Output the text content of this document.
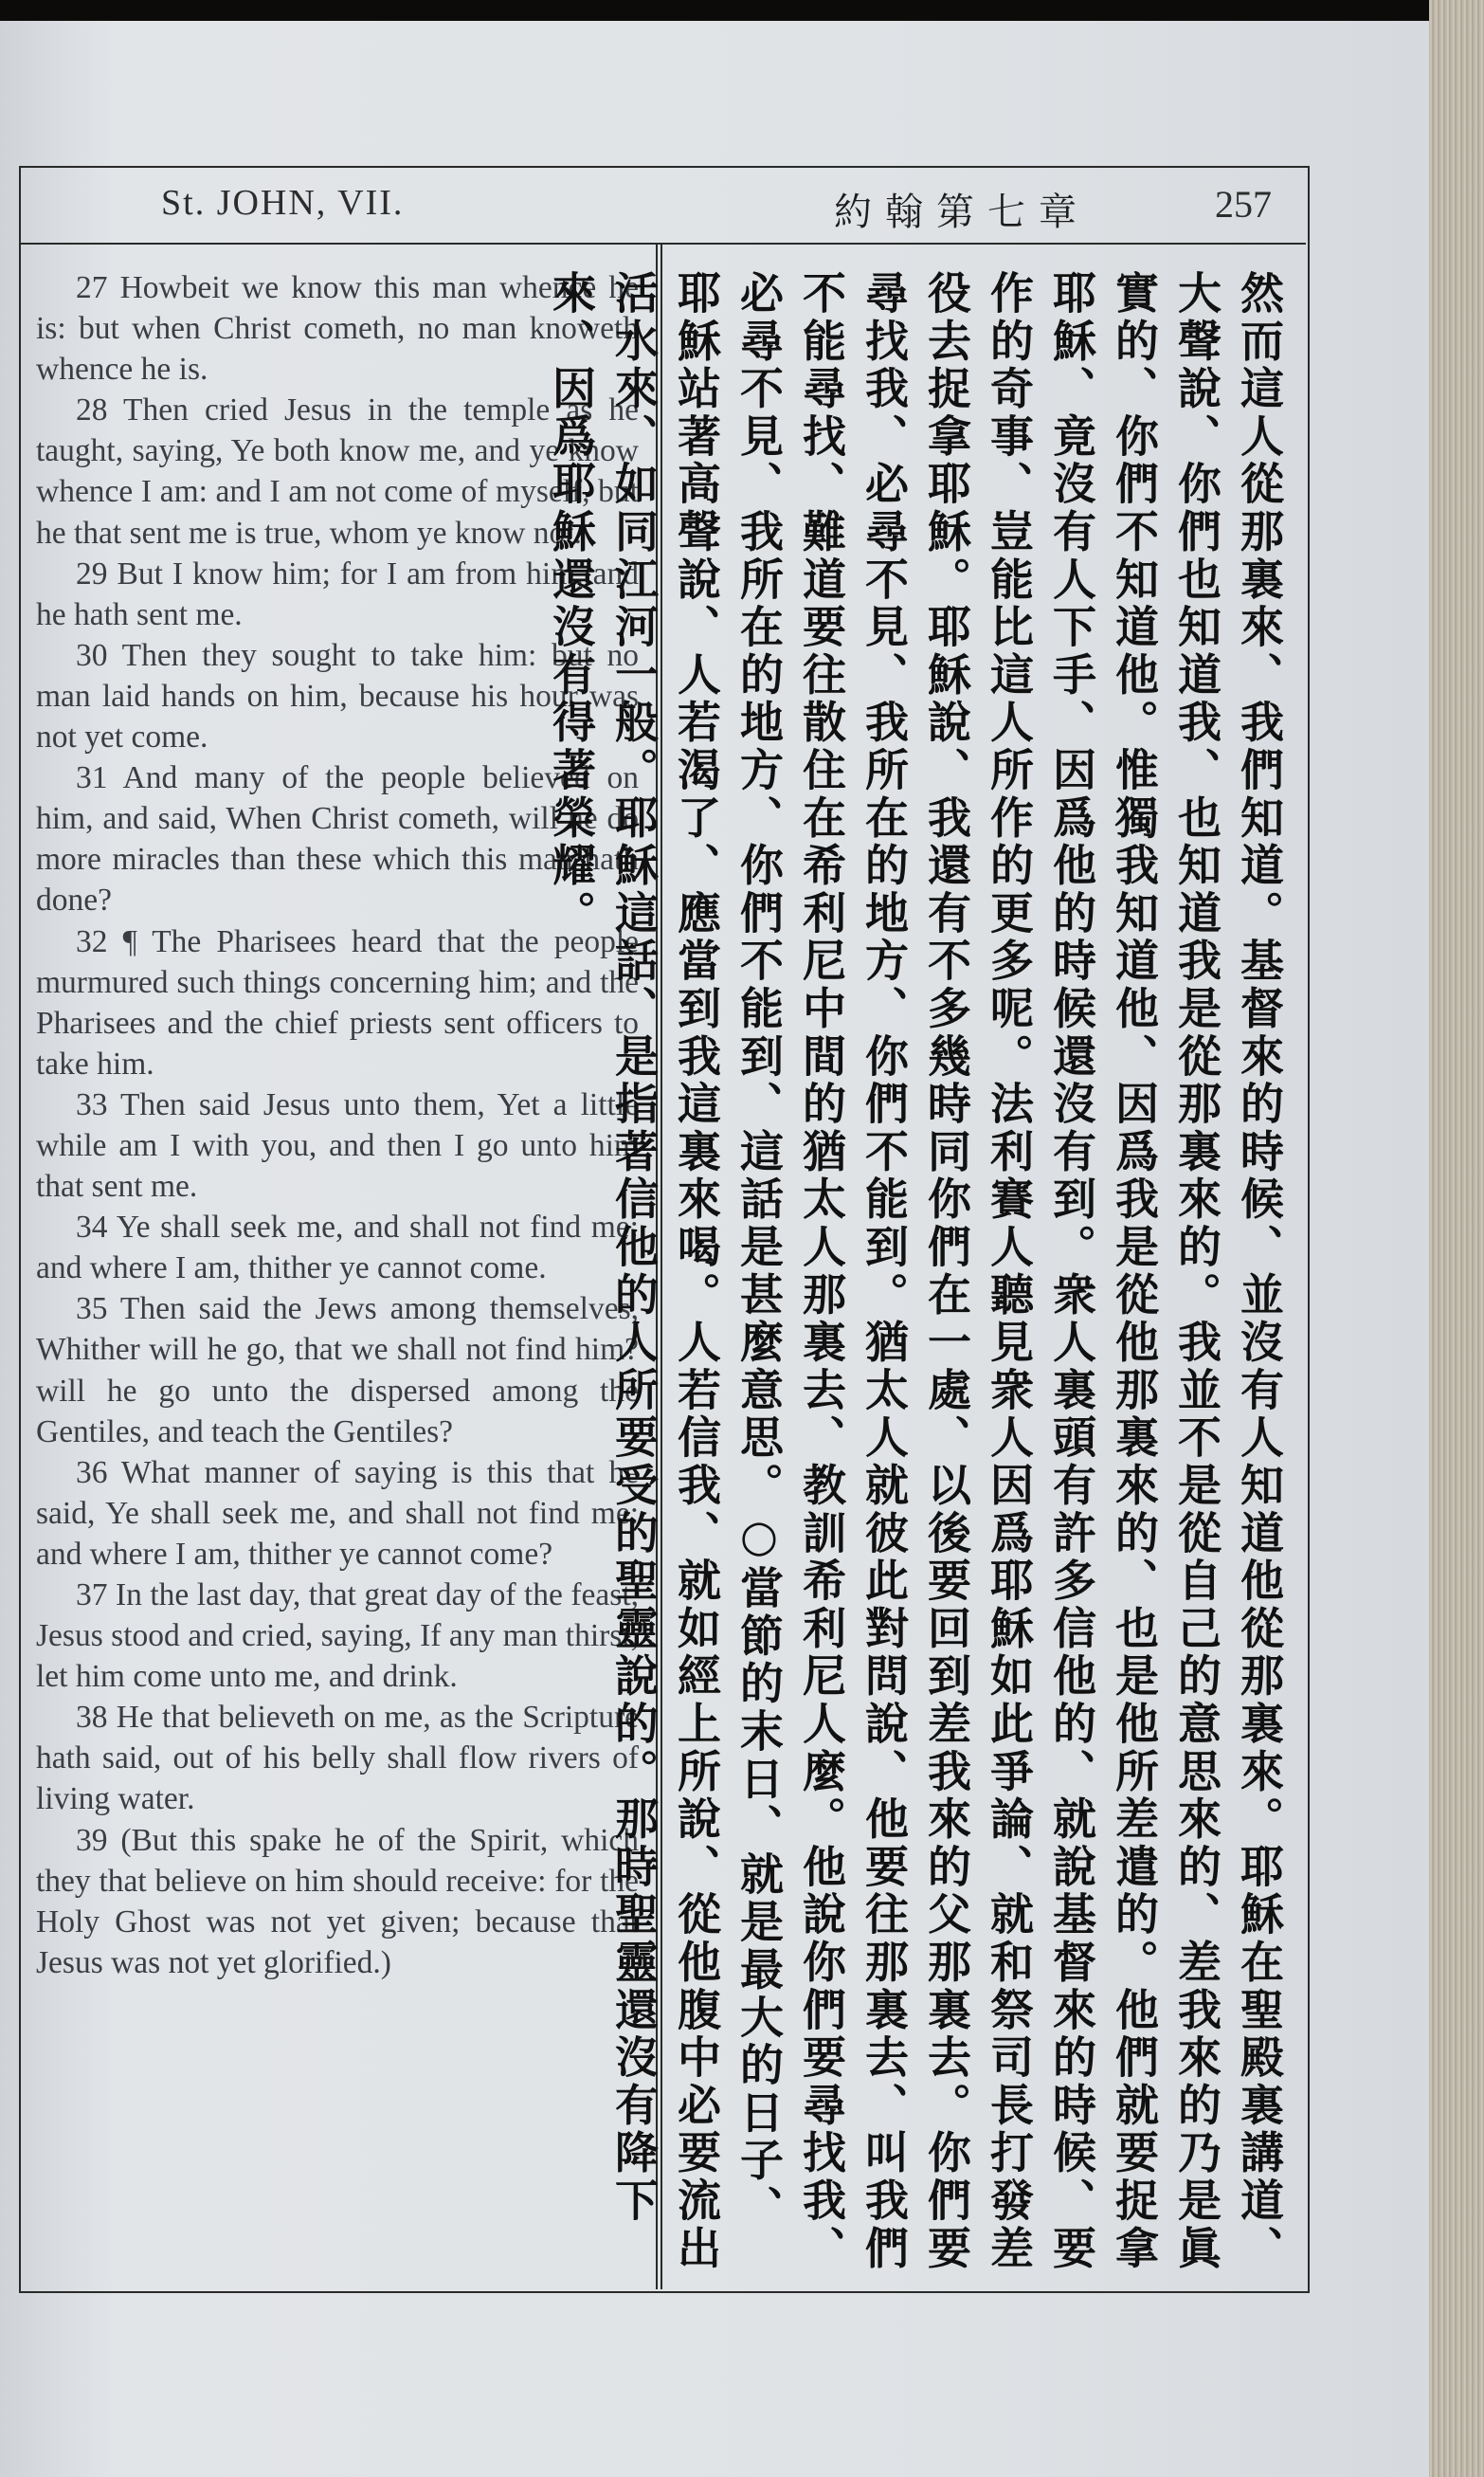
St. JOHN, VII.	約翰第七章	257

27 Howbeit we know this man whence he is: but when Christ cometh, no man knoweth whence he is.

28 Then cried Jesus in the temple as he taught, saying, Ye both know me, and ye know whence I am: and I am not come of myself, but he that sent me is true, whom ye know not.

29 But I know him; for I am from him, and he hath sent me.

30 Then they sought to take him: but no man laid hands on him, because his hour was not yet come.

31 And many of the people believed on him, and said, When Christ cometh, will he do more miracles than these which this man hath done?

32 ¶ The Pharisees heard that the people murmured such things concerning him; and the Pharisees and the chief priests sent officers to take him.

33 Then said Jesus unto them, Yet a little while am I with you, and then I go unto him that sent me.

34 Ye shall seek me, and shall not find me: and where I am, thither ye cannot come.

35 Then said the Jews among themselves, Whither will he go, that we shall not find him? will he go unto the dispersed among the Gentiles, and teach the Gentiles?

36 What manner of saying is this that he said, Ye shall seek me, and shall not find me: and where I am, thither ye cannot come?

37 In the last day, that great day of the feast, Jesus stood and cried, saying, If any man thirst, let him come unto me, and drink.

38 He that believeth on me, as the Scripture hath said, out of his belly shall flow rivers of living water.

39 (But this spake he of the Spirit, which they that believe on him should receive: for the Holy Ghost was not yet given; because that Jesus was not yet glorified.)	然而這人從那裏來、我們知道。基督來的時候、並沒有人知道他從那裏來。耶穌在聖殿裏講道、大聲說、你們也知道我、也知道我是從那裏來的。我並不是從自己的意思來的、差我來的乃是眞實的、你們不知道他。惟獨我知道他、因爲我是從他那裏來的、也是他所差遣的。他們就要捉拿耶穌、竟沒有人下手、因爲他的時候還沒有到。衆人裏頭有許多信他的、就說基督來的時候、要作的奇事、豈能比這人所作的更多呢。法利賽人聽見衆人因爲耶穌如此爭論、就和祭司長打發差役去捉拿耶穌。耶穌說、我還有不多幾時同你們在一處、以後要回到差我來的父那裏去。你們要尋找我、必尋不見、我所在的地方、你們不能到。猶太人就彼此對問說、他要往那裏去、叫我們不能尋找、難道要往散住在希利尼中間的猶太人那裏去、教訓希利尼人麼。他說你們要尋找我、必尋不見、我所在的地方、你們不能到、這話是甚麼意思。○當節的末日、就是最大的日子、耶穌站著高聲說、人若渴了、應當到我這裏來喝。人若信我、就如經上所說、從他腹中必要流出活水來、如同江河一般。耶穌這話、是指著信他的人所要受的聖靈說的。那時聖靈還沒有降下來、因爲耶穌還沒有得著榮耀。
